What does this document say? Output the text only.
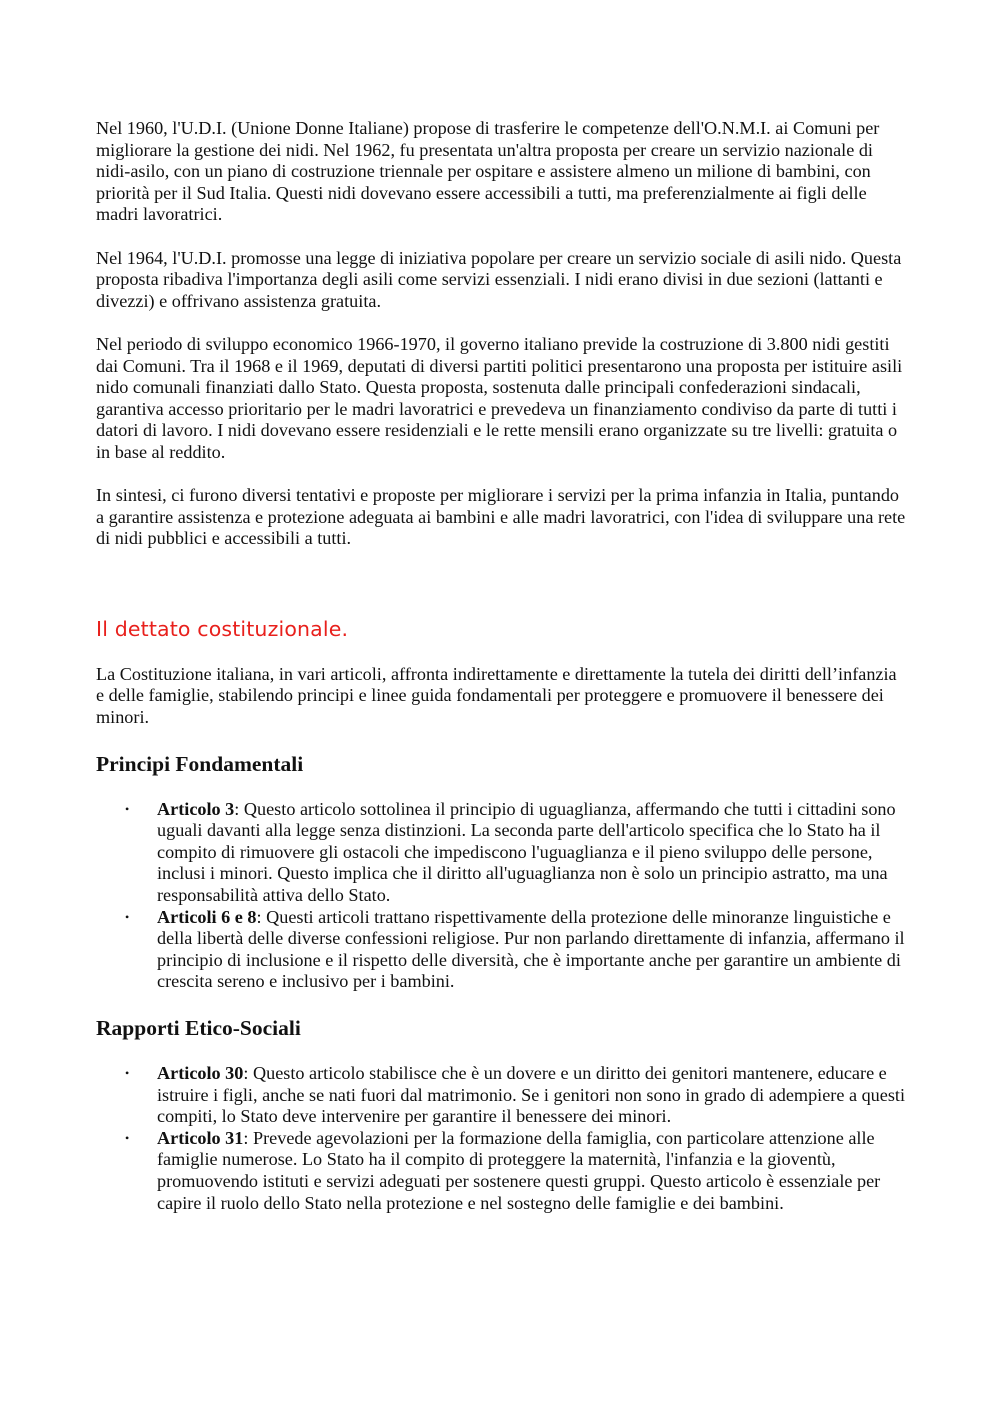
Nel 1960, l'U.D.I. (Unione Donne Italiane) propose di trasferire le competenze dell'O.N.M.I. ai Comuni per migliorare la gestione dei nidi. Nel 1962, fu presentata un'altra proposta per creare un servizio nazionale di nidi-asilo, con un piano di costruzione triennale per ospitare e assistere almeno un milione di bambini, con priorità per il Sud Italia. Questi nidi dovevano essere accessibili a tutti, ma preferenzialmente ai figli delle madri lavoratrici.

Nel 1964, l'U.D.I. promosse una legge di iniziativa popolare per creare un servizio sociale di asili nido. Questa proposta ribadiva l'importanza degli asili come servizi essenziali. I nidi erano divisi in due sezioni (lattanti e divezzi) e offrivano assistenza gratuita.

Nel periodo di sviluppo economico 1966-1970, il governo italiano previde la costruzione di 3.800 nidi gestiti dai Comuni. Tra il 1968 e il 1969, deputati di diversi partiti politici presentarono una proposta per istituire asili nido comunali finanziati dallo Stato. Questa proposta, sostenuta dalle principali confederazioni sindacali, garantiva accesso prioritario per le madri lavoratrici e prevedeva un finanziamento condiviso da parte di tutti i datori di lavoro. I nidi dovevano essere residenziali e le rette mensili erano organizzate su tre livelli: gratuita o in base al reddito.

In sintesi, ci furono diversi tentativi e proposte per migliorare i servizi per la prima infanzia in Italia, puntando a garantire assistenza e protezione adeguata ai bambini e alle madri lavoratrici, con l'idea di sviluppare una rete di nidi pubblici e accessibili a tutti.

Il dettato costituzionale.

La Costituzione italiana, in vari articoli, affronta indirettamente e direttamente la tutela dei diritti dell’infanzia e delle famiglie, stabilendo principi e linee guida fondamentali per proteggere e promuovere il benessere dei minori.

Principi Fondamentali
• Articolo 3: Questo articolo sottolinea il principio di uguaglianza, affermando che tutti i cittadini sono uguali davanti alla legge senza distinzioni. La seconda parte dell'articolo specifica che lo Stato ha il compito di rimuovere gli ostacoli che impediscono l'uguaglianza e il pieno sviluppo delle persone, inclusi i minori. Questo implica che il diritto all'uguaglianza non è solo un principio astratto, ma una responsabilità attiva dello Stato.
• Articoli 6 e 8: Questi articoli trattano rispettivamente della protezione delle minoranze linguistiche e della libertà delle diverse confessioni religiose. Pur non parlando direttamente di infanzia, affermano il principio di inclusione e il rispetto delle diversità, che è importante anche per garantire un ambiente di crescita sereno e inclusivo per i bambini.
Rapporti Etico-Sociali
• Articolo 30: Questo articolo stabilisce che è un dovere e un diritto dei genitori mantenere, educare e istruire i figli, anche se nati fuori dal matrimonio. Se i genitori non sono in grado di adempiere a questi compiti, lo Stato deve intervenire per garantire il benessere dei minori.
• Articolo 31: Prevede agevolazioni per la formazione della famiglia, con particolare attenzione alle famiglie numerose. Lo Stato ha il compito di proteggere la maternità, l'infanzia e la gioventù, promuovendo istituti e servizi adeguati per sostenere questi gruppi. Questo articolo è essenziale per capire il ruolo dello Stato nella protezione e nel sostegno delle famiglie e dei bambini.
